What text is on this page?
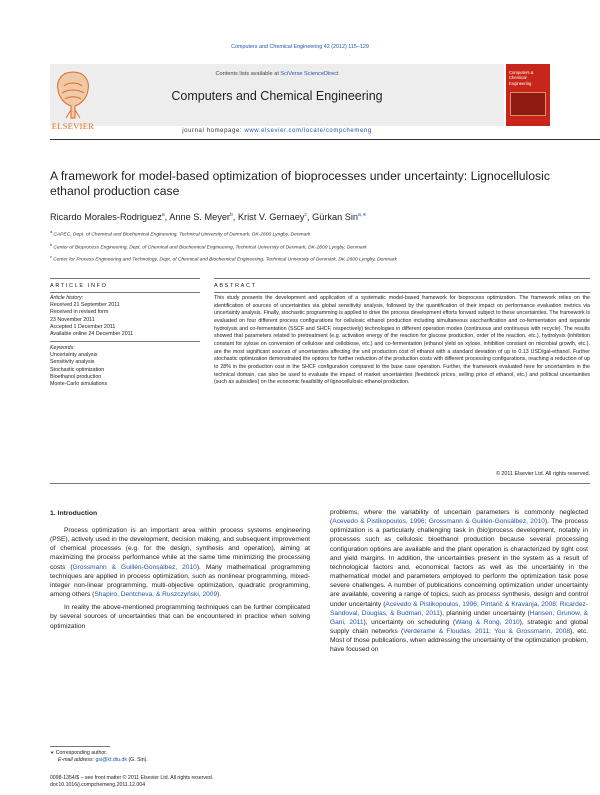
Computers and Chemical Engineering 42 (2012) 115–129
Contents lists available at SciVerse ScienceDirect
Computers and Chemical Engineering
journal homepage: www.elsevier.com/locate/compchemeng
ELSEVIER
Computers & Chemical Engineering
A framework for model-based optimization of bioprocesses under uncertainty: Lignocellulosic ethanol production case
Ricardo Morales-Rodriguez$^a$, Anne S. Meyer$^b$, Krist V. Gernaey$^c$, Gürkan Sin$^{a,∗}$
$^a$ CAPEC, Dept. of Chemical and Biochemical Engineering, Technical University of Denmark, DK-2800 Lyngby, Denmark
$^b$ Center of Bioprocess Engineering, Dept. of Chemical and Biochemical Engineering, Technical University of Denmark, DK-2800 Lyngby, Denmark
$^c$ Center for Process Engineering and Technology, Dept. of Chemical and Biochemical Engineering, Technical University of Denmark, DK-2800 Lyngby, Denmark
ARTICLE INFO
Article history:
Received 21 September 2011
Received in revised form
23 November 2011
Accepted 1 December 2011
Available online 24 December 2011
Keywords:
Uncertainty analysis
Sensitivity analysis
Stochastic optimization
Bioethanol production
Monte-Carlo simulations
ABSTRACT
This study presents the development and application of a systematic model-based framework for bioprocess optimization. The framework relies on the identification of sources of uncertainties via global sensitivity analysis, followed by the quantification of their impact on performance evaluation metrics via uncertainty analysis. Finally, stochastic programming is applied to drive the process development efforts forward subject to these uncertainties. The framework is evaluated on four different process configurations for cellulosic ethanol production including simultaneous saccharification and co-fermentation and separate hydrolysis and co-fermentation (SSCF and SHCF, respectively) technologies in different operation modes (continuous and continuous with recycle). The results showed that parameters related to pretreatment (e.g. activation energy of the reaction for glucose production, order of the reaction, etc.), hydrolysis (inhibition constant for xylose on conversion of cellulose and cellobiose, etc.) and co-fermentation (ethanol yield on xylose, inhibition constant on microbial growth, etc.), are the most significant sources of uncertainties affecting the unit production cost of ethanol with a standard deviation of up to 0.13 USD/gal-ethanol. Further stochastic optimization demonstrated the options for further reduction of the production costs with different processing configurations, reaching a reduction of up to 28% in the production cost in the SHCF configuration compared to the base case operation. Further, the framework evaluated here for uncertainties in the technical domain, can also be used to evaluate the impact of market uncertainties (feedstock prices, selling price of ethanol, etc.) and political uncertainties (such as subsidies) on the economic feasibility of lignocellulosic ethanol production.
© 2011 Elsevier Ltd. All rights reserved.
1. Introduction

Process optimization is an important area within process systems engineering (PSE), actively used in the development, decision making, and subsequent improvement of chemical processes (e.g. for the design, synthesis and operation), aiming at maximizing the process performance while at the same time minimizing the processing costs (Grossmann & Guillén-Gonsálbez, 2010). Many mathematical programming techniques are applied in process optimization, such as nonlinear programming, mixed-integer non-linear programming, multi-objective optimization, quadratic programming, among others (Shapiro, Dentcheva, & Ruszczyński, 2009).

In reality the above-mentioned programming techniques can be further complicated by several sources of uncertainties that can be encountered in practice when solving optimization

problems, where the variability of uncertain parameters is commonly neglected (Acevedo & Pistikopoulos, 1996; Grossmann & Guillén-Gonsálbez, 2010). The process optimization is a particularly challenging task in (bio)process development, notably in processes such as cellulosic bioethanol production because several processing configuration options are available and the plant operation is characterized by tight cost and yield margins. In addition, the uncertainties present in the system as a result of technological factors and, economical factors as well as the uncertainty in the mathematical model and parameters employed to perform the optimization task pose severe challenges. A number of publications concerning optimization under uncertainty are available, covering a range of topics, such as process synthesis, design and control under uncertainty (Acevedo & Pistikopoulos, 1996; Pintarič & Kravanja, 2008; Ricardez-Sandoval, Douglas, & Budman, 2011), planning under uncertainty (Hansen, Grunow, & Gani, 2011), uncertainty on scheduling (Wang & Rong, 2010), strategic and global supply chain networks (Verderame & Floudas, 2011; You & Grossmann, 2008), etc. Most of those publications, when addressing the uncertainty of the optimization problem, have focused on

∗ Corresponding author.
E-mail address: gsi@kt.dtu.dk (G. Sin).
0098-1354/$ – see front matter © 2011 Elsevier Ltd. All rights reserved.
doi:10.1016/j.compchemeng.2011.12.004
